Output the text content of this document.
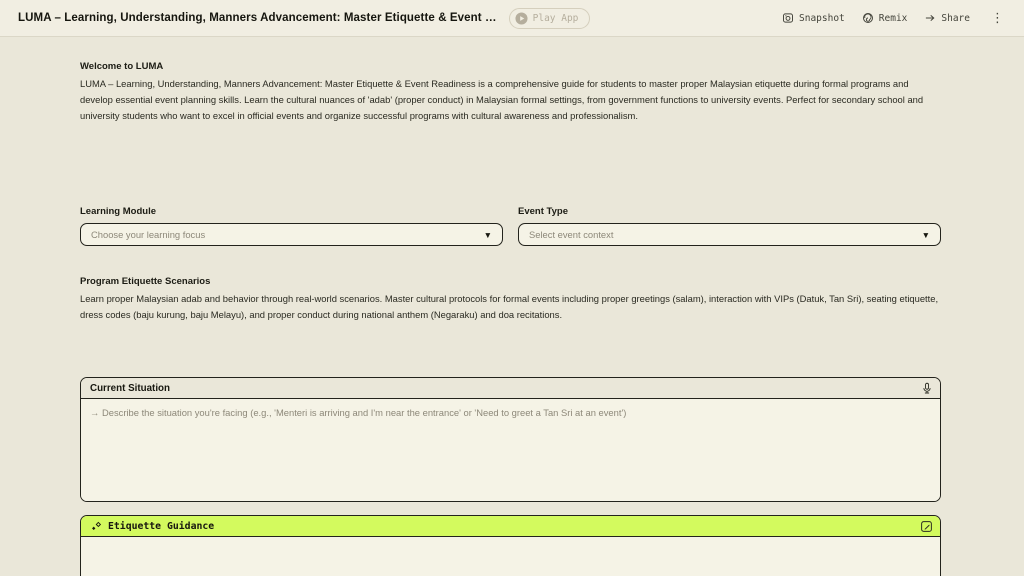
LUMA – Learning, Understanding, Manners Advancement: Master Etiquette & Event …	Play App	Snapshot	Remix	Share ⋮
Welcome to LUMA

LUMA – Learning, Understanding, Manners Advancement: Master Etiquette & Event Readiness is a comprehensive guide for students to master proper Malaysian etiquette during formal programs and develop essential event planning skills. Learn the cultural nuances of 'adab' (proper conduct) in Malaysian formal settings, from government functions to university events. Perfect for secondary school and university students who want to excel in official events and organize successful programs with cultural awareness and professionalism.

Learning Module
Choose your learning focus	▼
Event Type
Select event context	▼
Program Etiquette Scenarios

Learn proper Malaysian adab and behavior through real-world scenarios. Master cultural protocols for formal events including proper greetings (salam), interaction with VIPs (Datuk, Tan Sri), seating etiquette, dress codes (baju kurung, baju Melayu), and proper conduct during national anthem (Negaraku) and doa recitations.

Current Situation
→ Describe the situation you're facing (e.g., 'Menteri is arriving and I'm near the entrance' or 'Need to greet a Tan Sri at an event')
Etiquette Guidance
